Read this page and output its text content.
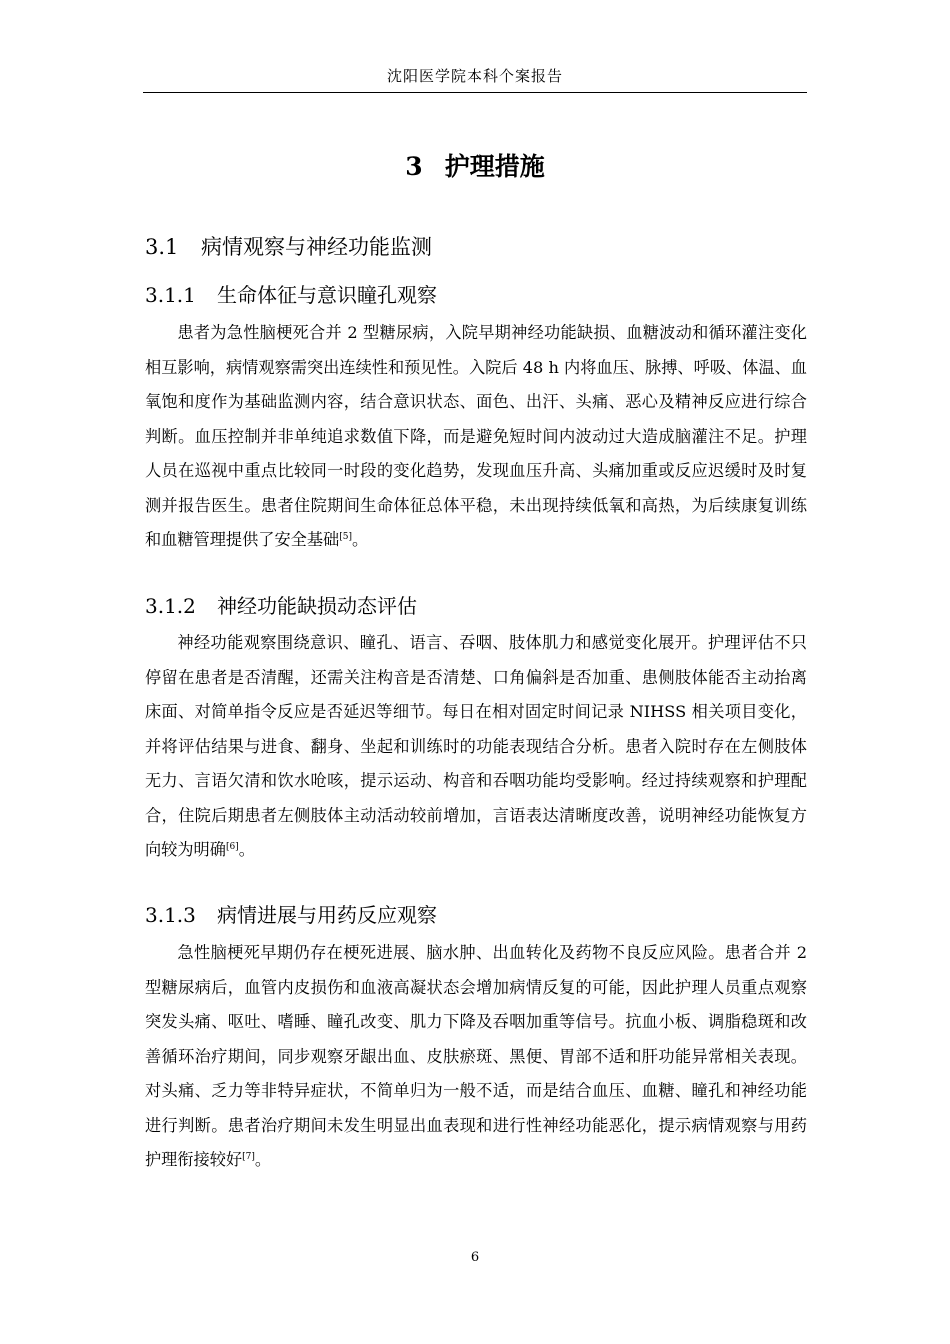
沈阳医学院本科个案报告
3 护理措施
3.1 病情观察与神经功能监测
3.1.1 生命体征与意识瞳孔观察

患者为急性脑梗死合并 2 型糖尿病，入院早期神经功能缺损、血糖波动和循环灌注变化相互影响，病情观察需突出连续性和预见性。入院后 48 h 内将血压、脉搏、呼吸、体温、血氧饱和度作为基础监测内容，结合意识状态、面色、出汗、头痛、恶心及精神反应进行综合判断。血压控制并非单纯追求数值下降，而是避免短时间内波动过大造成脑灌注不足。护理人员在巡视中重点比较同一时段的变化趋势，发现血压升高、头痛加重或反应迟缓时及时复测并报告医生。患者住院期间生命体征总体平稳，未出现持续低氧和高热，为后续康复训练和血糖管理提供了安全基础[5]。

3.1.2 神经功能缺损动态评估

神经功能观察围绕意识、瞳孔、语言、吞咽、肢体肌力和感觉变化展开。护理评估不只停留在患者是否清醒，还需关注构音是否清楚、口角偏斜是否加重、患侧肢体能否主动抬离床面、对简单指令反应是否延迟等细节。每日在相对固定时间记录 NIHSS 相关项目变化，并将评估结果与进食、翻身、坐起和训练时的功能表现结合分析。患者入院时存在左侧肢体无力、言语欠清和饮水呛咳，提示运动、构音和吞咽功能均受影响。经过持续观察和护理配合，住院后期患者左侧肢体主动活动较前增加，言语表达清晰度改善，说明神经功能恢复方向较为明确[6]。

3.1.3 病情进展与用药反应观察

急性脑梗死早期仍存在梗死进展、脑水肿、出血转化及药物不良反应风险。患者合并 2 型糖尿病后，血管内皮损伤和血液高凝状态会增加病情反复的可能，因此护理人员重点观察突发头痛、呕吐、嗜睡、瞳孔改变、肌力下降及吞咽加重等信号。抗血小板、调脂稳斑和改善循环治疗期间，同步观察牙龈出血、皮肤瘀斑、黑便、胃部不适和肝功能异常相关表现。对头痛、乏力等非特异症状，不简单归为一般不适，而是结合血压、血糖、瞳孔和神经功能进行判断。患者治疗期间未发生明显出血表现和进行性神经功能恶化，提示病情观察与用药护理衔接较好[7]。

6
